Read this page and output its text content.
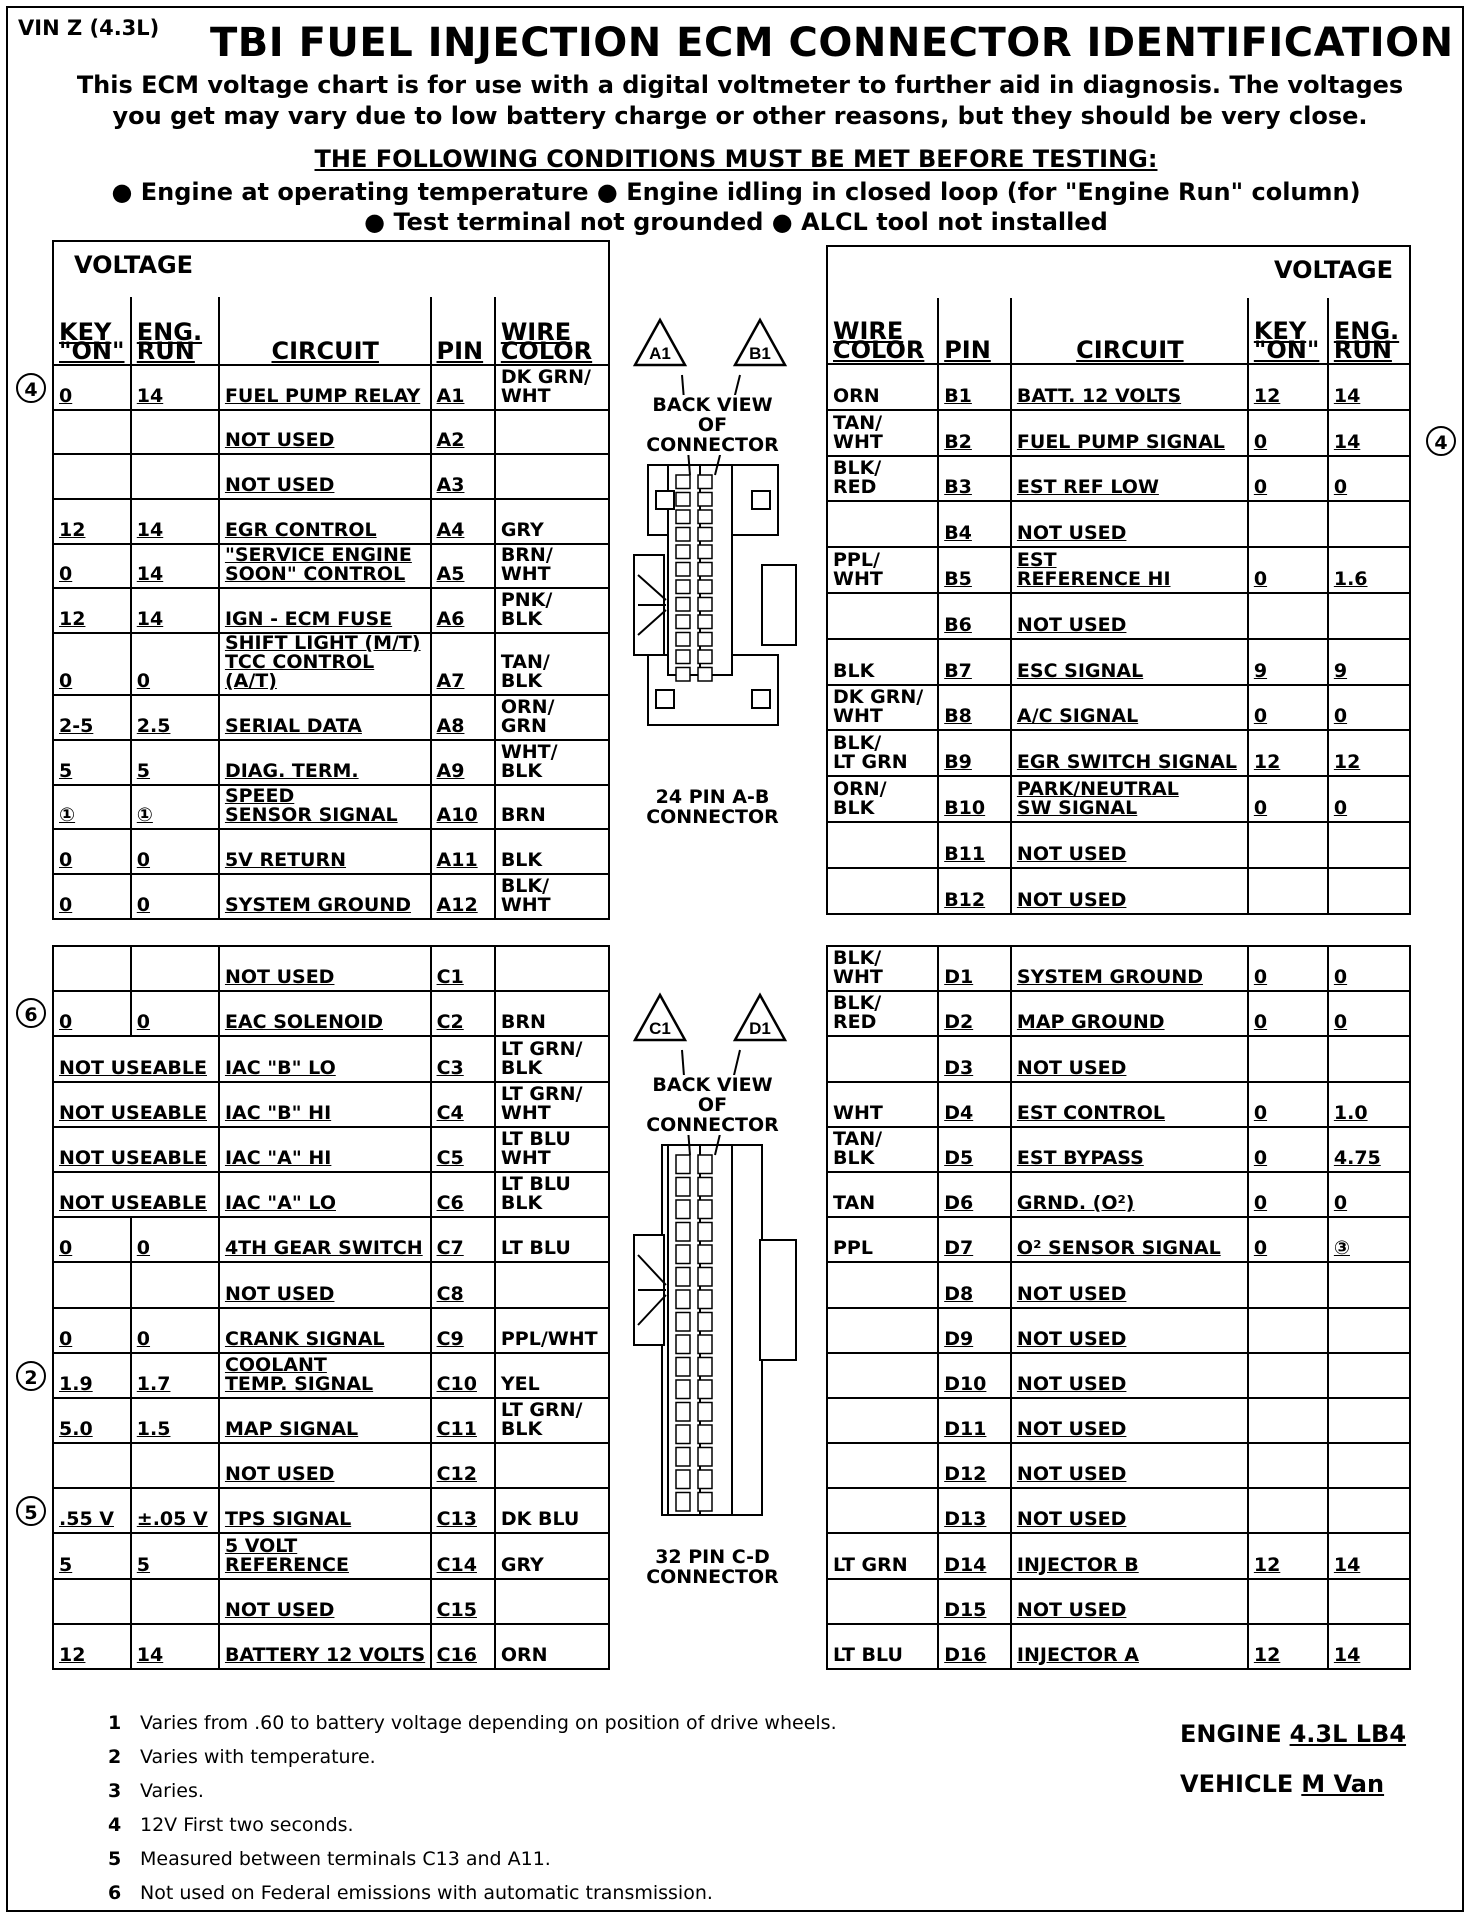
VIN Z (4.3L) TBI FUEL INJECTION ECM CONNECTOR IDENTIFICATION
This ECM voltage chart is for use with a digital voltmeter to further aid in diagnosis. The voltages
you get may vary due to low battery charge or other reasons, but they should be very close.
THE FOLLOWING CONDITIONS MUST BE MET BEFORE TESTING:
● Engine at operating temperature ● Engine idling in closed loop (for "Engine Run" column)
● Test terminal not grounded ● ALCL tool not installed
VOLTAGE				
KEY
"ON"	ENG.
RUN	CIRCUIT	PIN	WIRE
COLOR
0	14	FUEL PUMP RELAY	A1	DK GRN/
WHT
		NOT USED	A2	
		NOT USED	A3	
12	14	EGR CONTROL	A4	GRY
0	14	"SERVICE ENGINE
SOON" CONTROL	A5	BRN/
WHT
12	14	IGN - ECM FUSE	A6	PNK/
BLK
0	0	SHIFT LIGHT (M/T)
TCC CONTROL (A/T)	A7	TAN/
BLK
2-5	2.5	SERIAL DATA	A8	ORN/
GRN
5	5	DIAG. TERM.	A9	WHT/
BLK
①	①	SPEED
SENSOR SIGNAL	A10	BRN
0	0	5V RETURN	A11	BLK
0	0	SYSTEM GROUND	A12	BLK/
WHT
VOLTAGE				
WIRE
COLOR	PIN	CIRCUIT	KEY
"ON"	ENG.
RUN
ORN	B1	BATT. 12 VOLTS	12	14
TAN/
WHT	B2	FUEL PUMP SIGNAL	0	14
BLK/
RED	B3	EST REF LOW	0	0
	B4	NOT USED		
PPL/
WHT	B5	EST
REFERENCE HI	0	1.6
	B6	NOT USED		
BLK	B7	ESC SIGNAL	9	9
DK GRN/
WHT	B8	A/C SIGNAL	0	0
BLK/
LT GRN	B9	EGR SWITCH SIGNAL	12	12
ORN/
BLK	B10	PARK/NEUTRAL
SW SIGNAL	0	0
	B11	NOT USED		
	B12	NOT USED		
		NOT USED	C1	
0	0	EAC SOLENOID	C2	BRN
NOT USEABLE		IAC "B" LO	C3	LT GRN/
BLK
NOT USEABLE		IAC "B" HI	C4	LT GRN/
WHT
NOT USEABLE		IAC "A" HI	C5	LT BLU
WHT
NOT USEABLE		IAC "A" LO	C6	LT BLU
BLK
0	0	4TH GEAR SWITCH	C7	LT BLU
		NOT USED	C8	
0	0	CRANK SIGNAL	C9	PPL/WHT
1.9	1.7	COOLANT
TEMP. SIGNAL	C10	YEL
5.0	1.5	MAP SIGNAL	C11	LT GRN/
BLK
		NOT USED	C12	
.55 V	±.05 V	TPS SIGNAL	C13	DK BLU
5	5	5 VOLT
REFERENCE	C14	GRY
		NOT USED	C15	
12	14	BATTERY 12 VOLTS	C16	ORN
BLK/
WHT	D1	SYSTEM GROUND	0	0
BLK/
RED	D2	MAP GROUND	0	0
	D3	NOT USED		
WHT	D4	EST CONTROL	0	1.0
TAN/
BLK	D5	EST BYPASS	0	4.75
TAN	D6	GRND. (O²)	0	0
PPL	D7	O² SENSOR SIGNAL	0	③
	D8	NOT USED		
	D9	NOT USED		
	D10	NOT USED		
	D11	NOT USED		
	D12	NOT USED		
	D13	NOT USED		
LT GRN	D14	INJECTOR B	12	14
	D15	NOT USED		
LT BLU	D16	INJECTOR A	12	14
A1	B1
BACK VIEW
OF
CONNECTOR
24 PIN A-B
CONNECTOR
C1	D1
BACK VIEW
OF
CONNECTOR
32 PIN C-D
CONNECTOR
4
4
6
2
5
1 Varies from .60 to battery voltage depending on position of drive wheels.
2 Varies with temperature.
3 Varies.
4 12V First two seconds.
5 Measured between terminals C13 and A11.
6 Not used on Federal emissions with automatic transmission.
ENGINE 4.3L LB4
VEHICLE M Van
